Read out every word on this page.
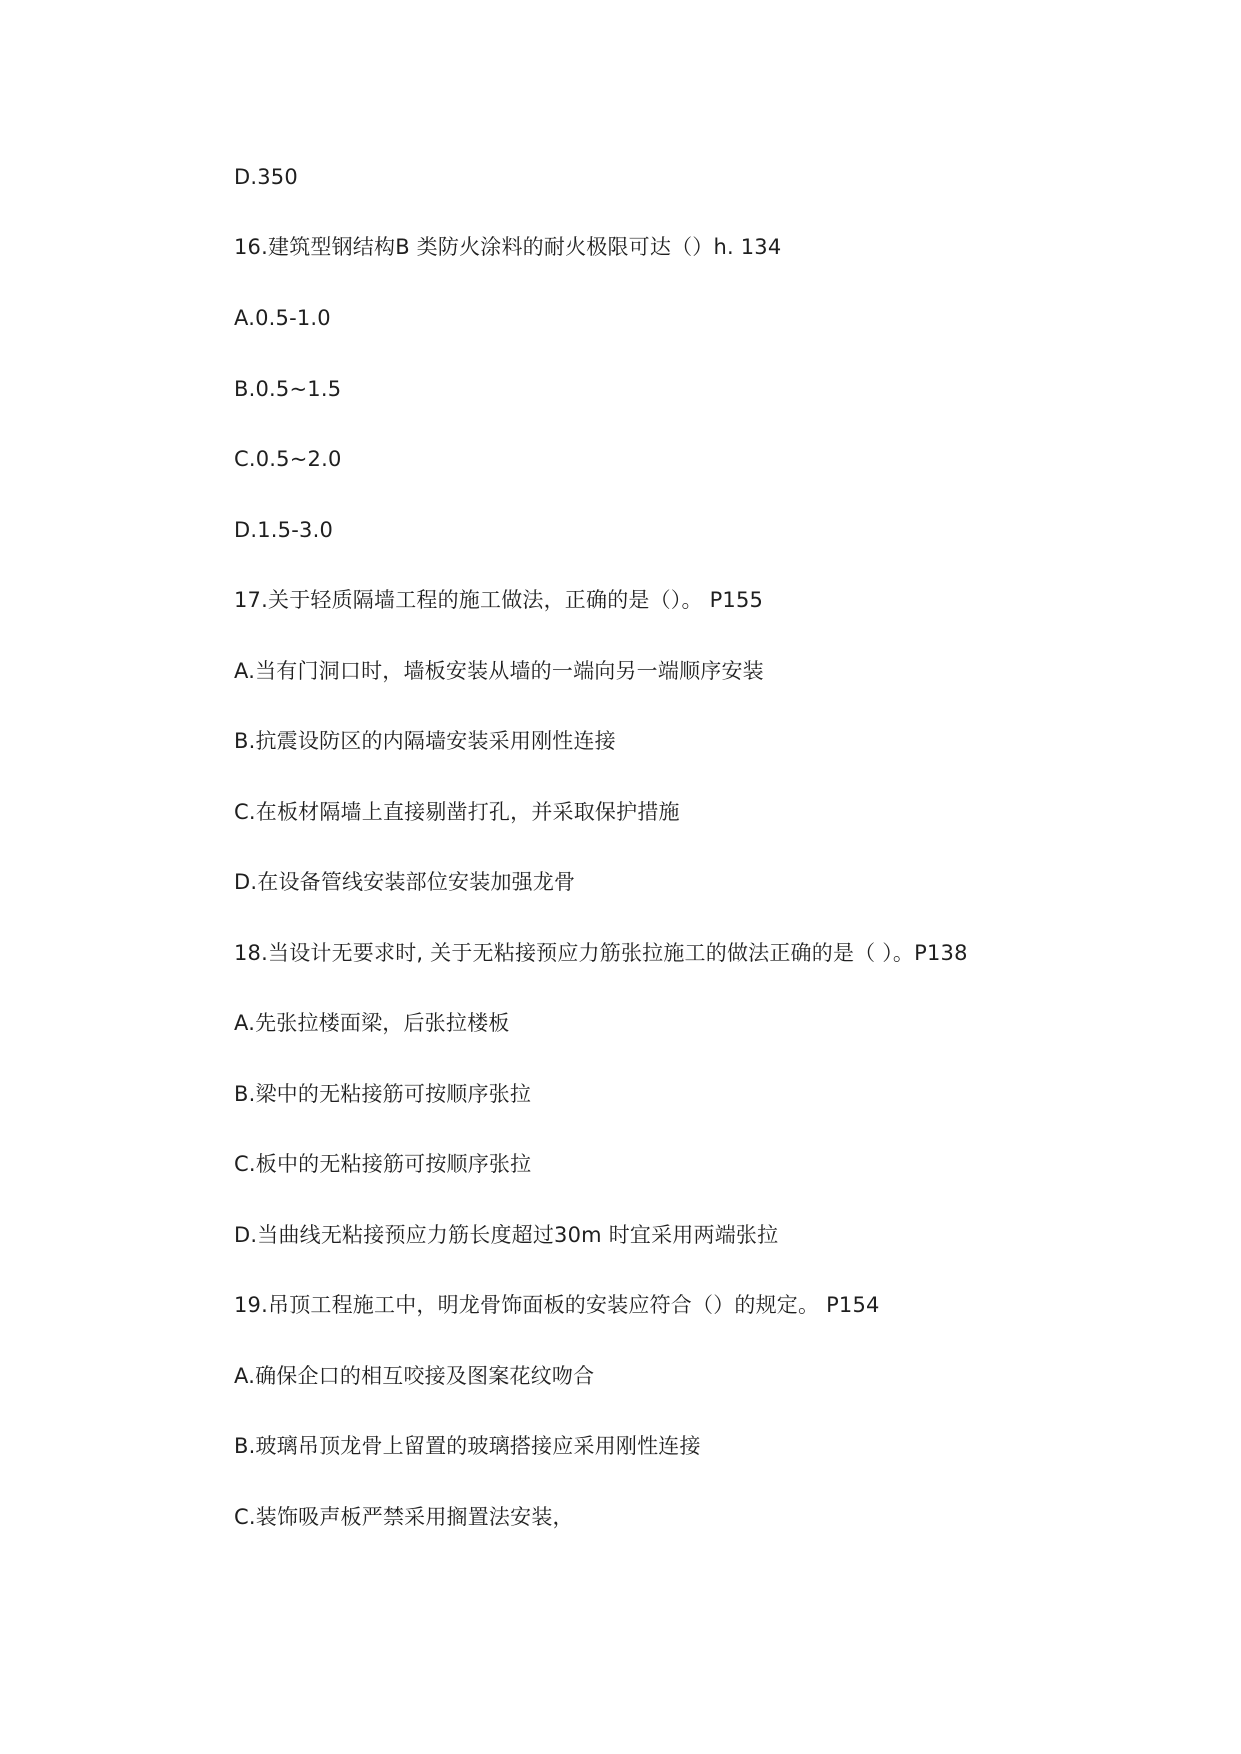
D.350
16.建筑型钢结构B 类防火涂料的耐火极限可达（）h. 134
A.0.5-1.0
B.0.5~1.5
C.0.5~2.0
D.1.5-3.0
17.关于轻质隔墙工程的施工做法，正确的是（）。 P155
A.当有门洞口时，墙板安装从墙的一端向另一端顺序安装
B.抗震设防区的内隔墙安装采用刚性连接
C.在板材隔墙上直接剔凿打孔，并采取保护措施
D.在设备管线安装部位安装加强龙骨
18.当设计无要求时, 关于无粘接预应力筋张拉施工的做法正确的是（ ）。P138
A.先张拉楼面梁，后张拉楼板
B.梁中的无粘接筋可按顺序张拉
C.板中的无粘接筋可按顺序张拉
D.当曲线无粘接预应力筋长度超过30m 时宜采用两端张拉
19.吊顶工程施工中，明龙骨饰面板的安装应符合（）的规定。 P154
A.确保企口的相互咬接及图案花纹吻合
B.玻璃吊顶龙骨上留置的玻璃搭接应采用刚性连接
C.装饰吸声板严禁采用搁置法安装，
